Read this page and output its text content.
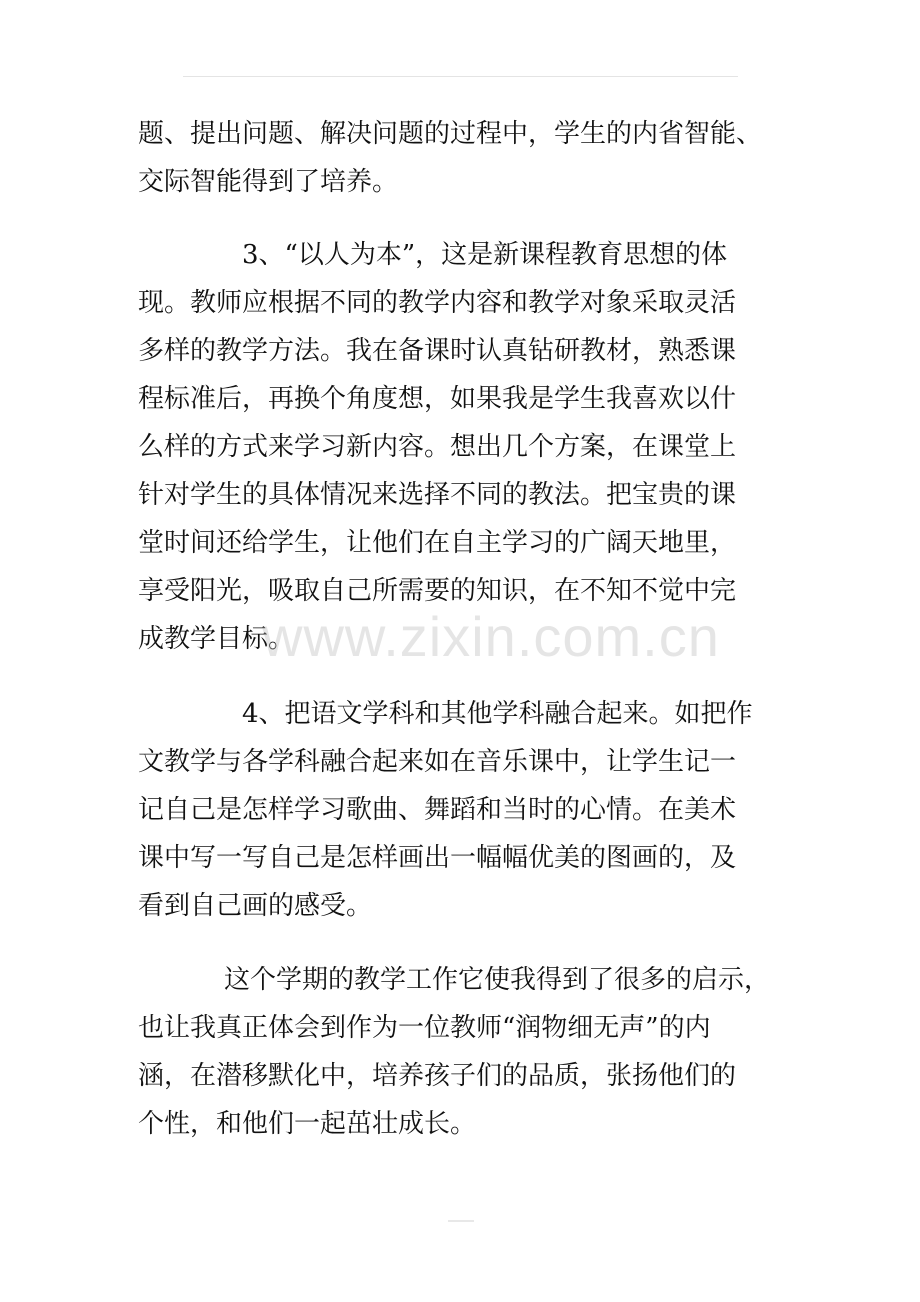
题、提出问题、解决问题的过程中，学生的内省智能、
交际智能得到了培养。
3、“以人为本”，这是新课程教育思想的体
现。教师应根据不同的教学内容和教学对象采取灵活
多样的教学方法。我在备课时认真钻研教材，熟悉课
程标准后，再换个角度想，如果我是学生我喜欢以什
么样的方式来学习新内容。想出几个方案，在课堂上
针对学生的具体情况来选择不同的教法。把宝贵的课
堂时间还给学生，让他们在自主学习的广阔天地里，
享受阳光，吸取自己所需要的知识，在不知不觉中完
成教学目标。
4、把语文学科和其他学科融合起来。如把作
文教学与各学科融合起来如在音乐课中，让学生记一
记自己是怎样学习歌曲、舞蹈和当时的心情。在美术
课中写一写自己是怎样画出一幅幅优美的图画的，及
看到自己画的感受。
这个学期的教学工作它使我得到了很多的启示，
也让我真正体会到作为一位教师“润物细无声”的内
涵，在潜移默化中，培养孩子们的品质，张扬他们的
个性，和他们一起茁壮成长。
www.zixin.com.cn
